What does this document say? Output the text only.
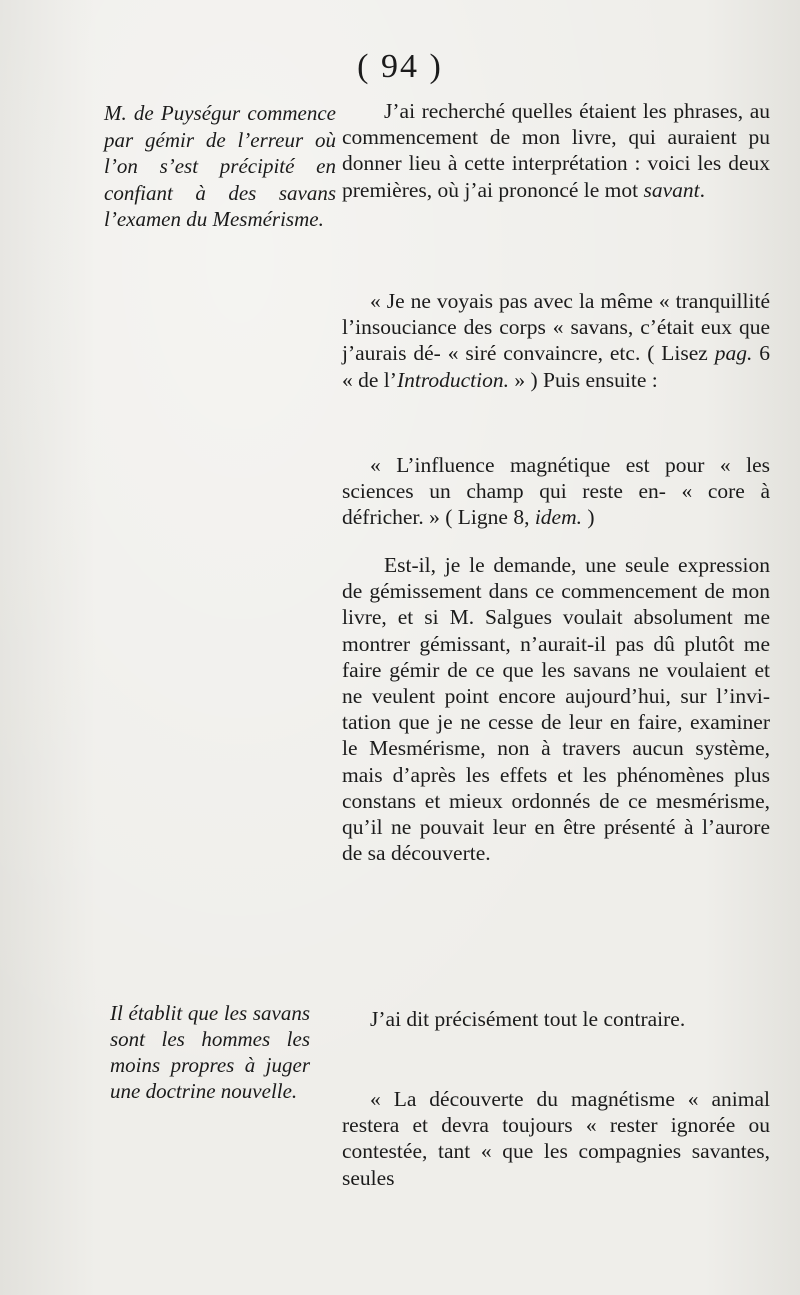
( 94 )
M. de Puységur commence par gémir de l’erreur où l’on s’est précipité en confiant à des savans l’examen du Mesmérisme.
Il établit que les savans sont les hommes les moins propres à juger une doctrine nouvelle.

J’ai recherché quelles étaient les phrases, au commencement de mon livre, qui auraient pu donner lieu à cette interprétation : voici les deux premières, où j’ai prononcé le mot savant.

« Je ne voyais pas avec la même « tranquillité l’insouciance des corps « savans, c’était eux que j’aurais dé- « siré convaincre, etc. ( Lisez pag. 6 « de l’Introduction. » ) Puis ensuite :

« L’influence magnétique est pour « les sciences un champ qui reste en- « core à défricher. » ( Ligne 8, idem. )

Est-il, je le demande, une seule expression de gémissement dans ce commencement de mon livre, et si M. Salgues voulait absolument me montrer gémissant, n’aurait-il pas dû plutôt me faire gémir de ce que les savans ne voulaient et ne veulent point encore aujourd’hui, sur l’invitation que je ne cesse de leur en faire, examiner le Mesmérisme, non à travers aucun système, mais d’après les effets et les phénomènes plus constans et mieux ordonnés de ce mesmérisme, qu’il ne pouvait leur en être présenté à l’aurore de sa découverte.

J’ai dit précisément tout le contraire.

« La découverte du magnétisme « animal restera et devra toujours « rester ignorée ou contestée, tant « que les compagnies savantes, seules
